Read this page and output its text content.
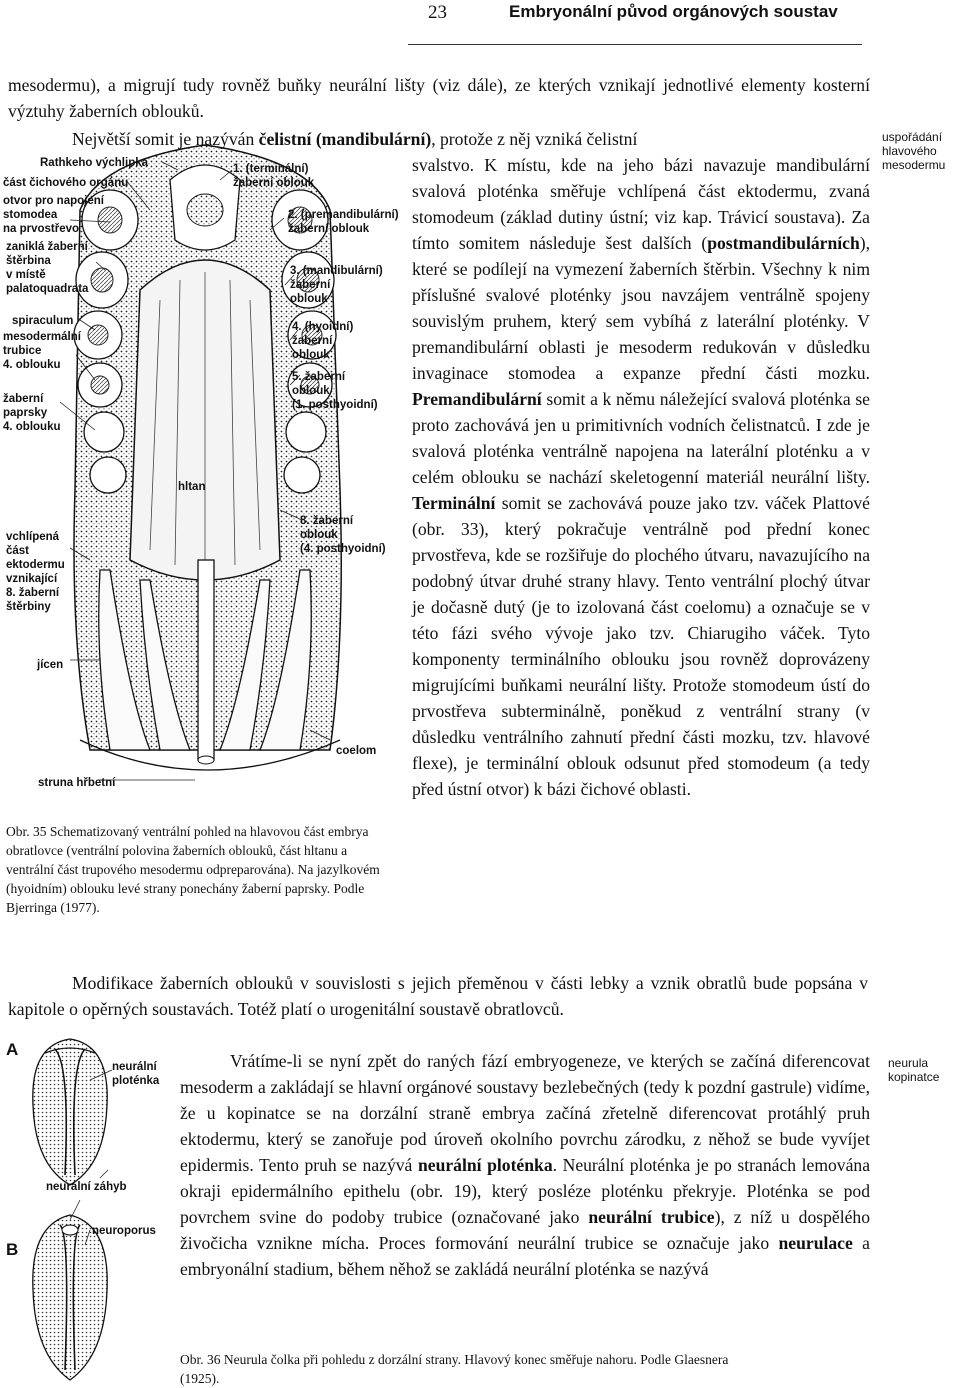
23	Embryonální původ orgánových soustav

mesodermu), a migrují tudy rovněž buňky neurální lišty (viz dále), ze kterých vznikají jednotlivé elementy kosterní výztuhy žaberních oblouků.

Největší somit je nazýván čelistní (mandibulární), protože z něj vzniká čelistní

svalstvo. K místu, kde na jeho bázi navazuje mandibulární svalová ploténka směřuje vchlípená část ektodermu, zvaná stomodeum (základ dutiny ústní; viz kap. Trávicí soustava). Za tímto somitem následuje šest dalších (postmandibulárních), které se podílejí na vymezení žaberních štěrbin. Všechny k nim příslušné svalové ploténky jsou navzájem ventrálně spojeny souvislým pruhem, který sem vybíhá z laterální ploténky. V premandibulární oblasti je mesoderm redukován v důsledku invaginace stomodea a expanze přední části mozku. Premandibulární somit a k němu náležející svalová ploténka se proto zachovává jen u primitivních vodních čelistnatců. I zde je svalová ploténka ventrálně napojena na laterální ploténku a v celém oblouku se nachází skeletogenní materiál neurální lišty. Terminální somit se zachovává pouze jako tzv. váček Plattové (obr. 33), který pokračuje ventrálně pod přední konec prvostřeva, kde se rozšiřuje do plochého útvaru, navazujícího na podobný útvar druhé strany hlavy. Tento ventrální plochý útvar je dočasně dutý (je to izolovaná část coelomu) a označuje se v této fázi svého vývoje jako tzv. Chiarugiho váček. Tyto komponenty terminálního oblouku jsou rovněž doprovázeny migrujícími buňkami neurální lišty. Protože stomodeum ústí do prvostřeva subterminálně, poněkud z ventrální strany (v důsledku ventrálního zahnutí přední části mozku, tzv. hlavové flexe), je terminální oblouk odsunut před stomodeum (a tedy před ústní otvor) k bázi čichové oblasti.

uspořádání hlavového mesodermu
neurula kopinatce
Rathkeho výchlipka
část čichového orgánu
otvor pro napojení
stomodea
na prvostřevo
zaniklá žaberní
štěrbina
v místě
palatoquadrata
spiraculum
mesodermální
trubice
4. oblouku
žaberní
paprsky
4. oblouku
vchlípená
část
ektodermu
vznikající
8. žaberní
štěrbiny
jícen
struna hřbetní
hltan
1. (terminální)
žaberní oblouk
2. (premandibulární)
žaberní oblouk
3. (mandibulární)
žaberní
oblouk
4. (hyoidní)
žaberní
oblouk
5. žaberní
oblouk
(1. posthyoidní)
8. žaberní
oblouk
(4. posthyoidní)
coelom
Obr. 35 Schematizovaný ventrální pohled na hlavovou část embrya obratlovce (ventrální polovina žaberních oblouků, část hltanu a ventrální část trupového mesodermu odpreparována). Na jazylkovém (hyoidním) oblouku levé strany ponechány žaberní paprsky. Podle Bjerringa (1977).

Modifikace žaberních oblouků v souvislosti s jejich přeměnou v části lebky a vznik obratlů bude popsána v kapitole o opěrných soustavách. Totéž platí o urogenitální soustavě obratlovců.

A
B
neurální
ploténka
neurální záhyb
neuroporus

Vrátíme-li se nyní zpět do raných fází embryogeneze, ve kterých se začíná diferencovat mesoderm a zakládají se hlavní orgánové soustavy bezlebečných (tedy k pozdní gastrule) vidíme, že u kopinatce se na dorzální straně embrya začíná zřetelně diferencovat protáhlý pruh ektodermu, který se zanořuje pod úroveň okolního povrchu zárodku, z něhož se bude vyvíjet epidermis. Tento pruh se nazývá neurální ploténka. Neurální ploténka je po stranách lemována okraji epidermálního epithelu (obr. 19), který posléze ploténku překryje. Ploténka se pod povrchem svine do podoby trubice (označované jako neurální trubice), z níž u dospělého živočicha vznikne mícha. Proces formování neurální trubice se označuje jako neurulace a embryonální stadium, během něhož se zakládá neurální ploténka se nazývá

Obr. 36 Neurula čolka při pohledu z dorzální strany. Hlavový konec směřuje nahoru. Podle Glaesnera (1925).
